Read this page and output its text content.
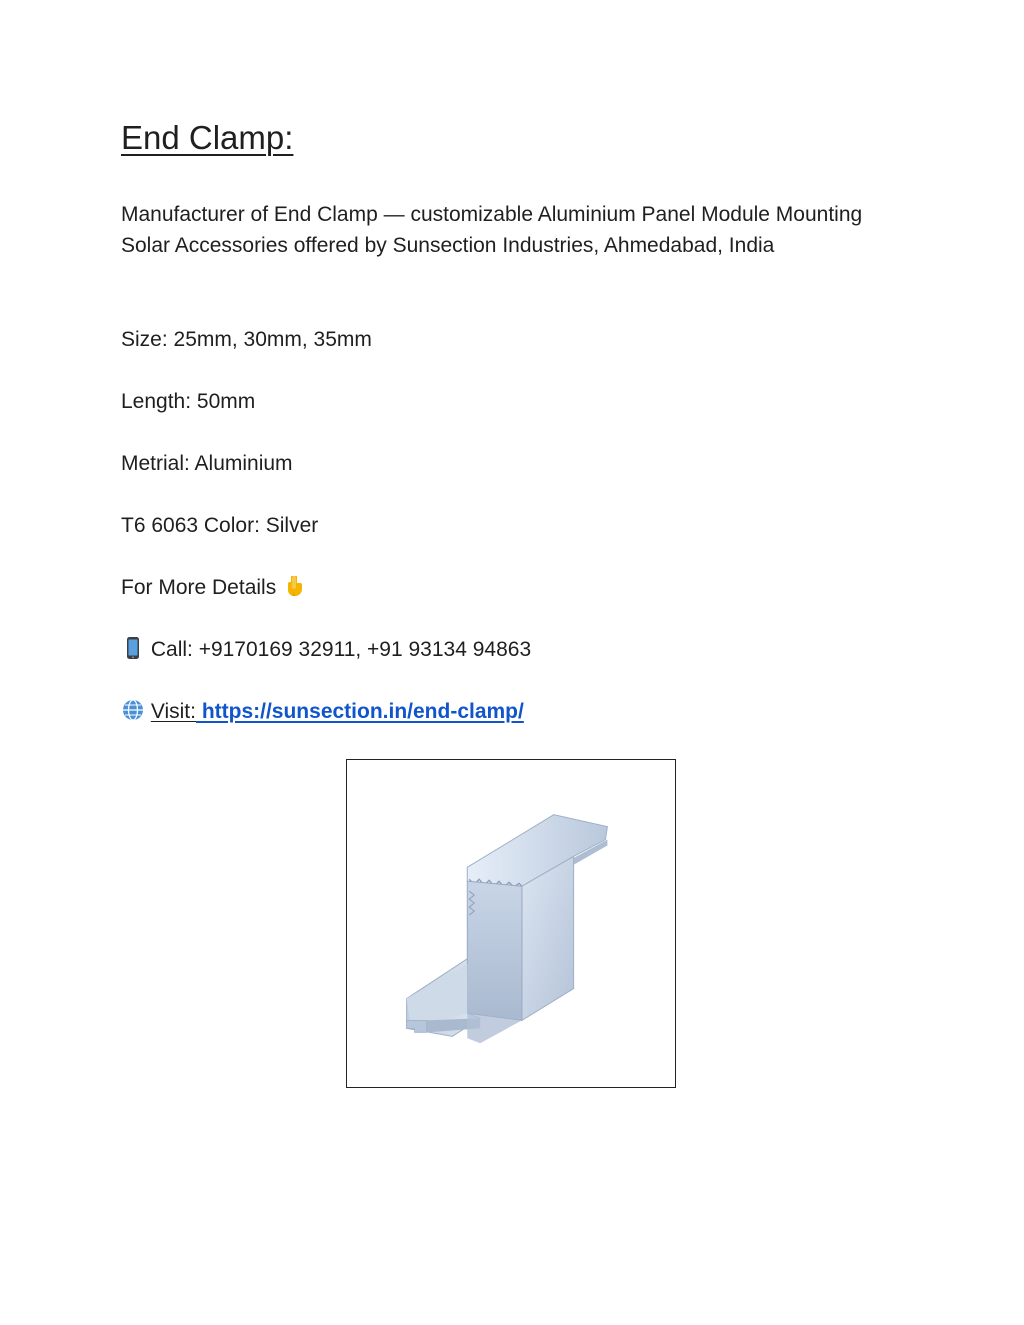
End Clamp:

Manufacturer of End Clamp — customizable Aluminium Panel Module Mounting Solar Accessories offered by Sunsection Industries, Ahmedabad, India

Size: 25mm, 30mm, 35mm

Length: 50mm

Metrial: Aluminium

T6 6063 Color: Silver

For More Details

Call: +9170169 32911, +91 93134 94863

Visit: https://sunsection.in/end-clamp/
